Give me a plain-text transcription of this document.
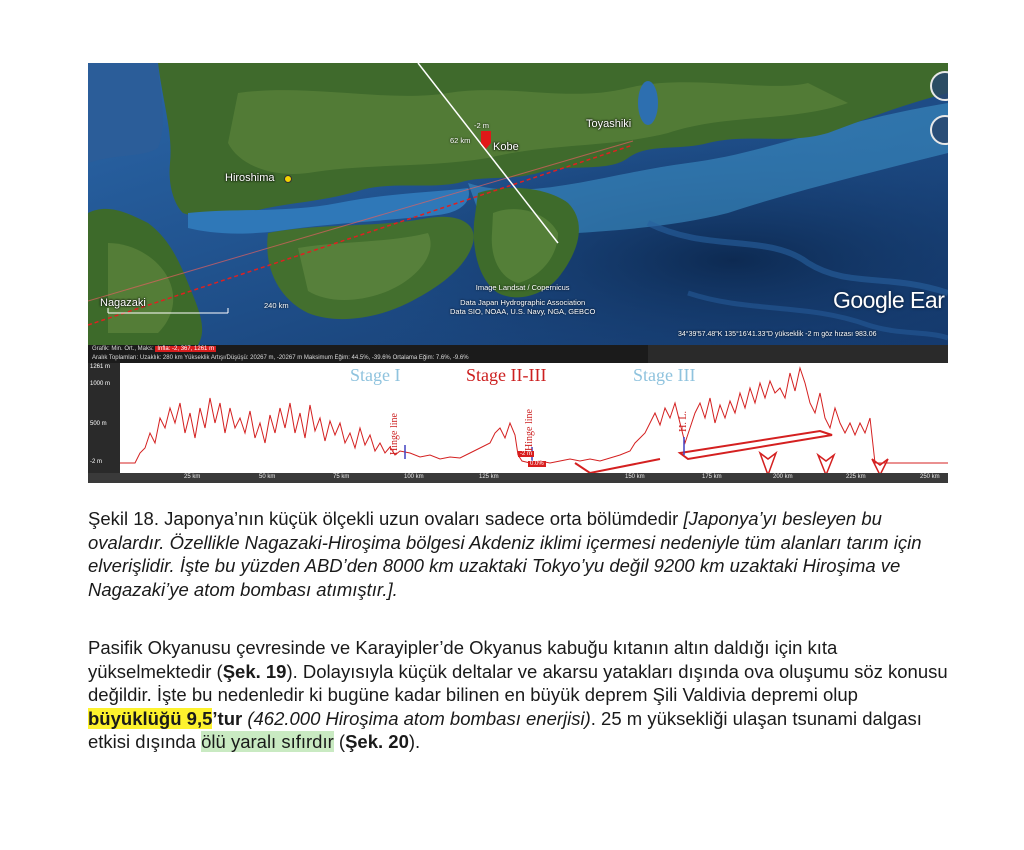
Hiroshima
Nagazaki
Kobe
Toyashiki
62 km
-2 m
240 km
Image Landsat / Copernicus
Data Japan Hydrographic Association
Data SIO, NOAA, U.S. Navy, NGA, GEBCO	Google Ear
34°39'57.48"K 135°16'41.33"D yükseklik -2 m göz hızası 983.06
Grafik: Min. Ort., Maks: İnfla: -2, 367, 1261 m
Aralık Toplamları: Uzaklık: 280 km Yükseklik Artışı/Düşüşü: 20267 m, -20267 m Maksimum Eğim: 44.5%, -39.6% Ortalama Eğim: 7.6%, -9.6%
1261 m
1000 m
500 m
-2 m
Stage I	Stage II-III	Stage III
Hinge line	Hinge line	H. L.
-2 m
0.0%
25 km	50 km	75 km	100 km	125 km	150 km	175 km	200 km	225 km	250 km

Şekil 18. Japonya’nın küçük ölçekli uzun ovaları sadece orta bölümdedir [Japonya’yı besleyen bu ovalardır. Özellikle Nagazaki-Hiroşima bölgesi Akdeniz iklimi içermesi nedeniyle tüm alanları tarım için elverişlidir. İşte bu yüzden ABD’den 8000 km uzaktaki Tokyo’yu değil 9200 km uzaktaki Hiroşima ve Nagazaki’ye atom bombası atımıştır.].

Pasifik Okyanusu çevresinde ve Karayipler’de Okyanus kabuğu kıtanın altın daldığı için kıta yükselmektedir (Şek. 19). Dolayısıyla küçük deltalar ve akarsu yatakları dışında ova oluşumu söz konusu değildir. İşte bu nedenledir ki bugüne kadar bilinen en büyük deprem Şili Valdivia depremi olup büyüklüğü 9,5’tur (462.000 Hiroşima atom bombası enerjisi). 25 m yüksekliği ulaşan tsunami dalgası etkisi dışında ölü yaralı sıfırdır (Şek. 20).
